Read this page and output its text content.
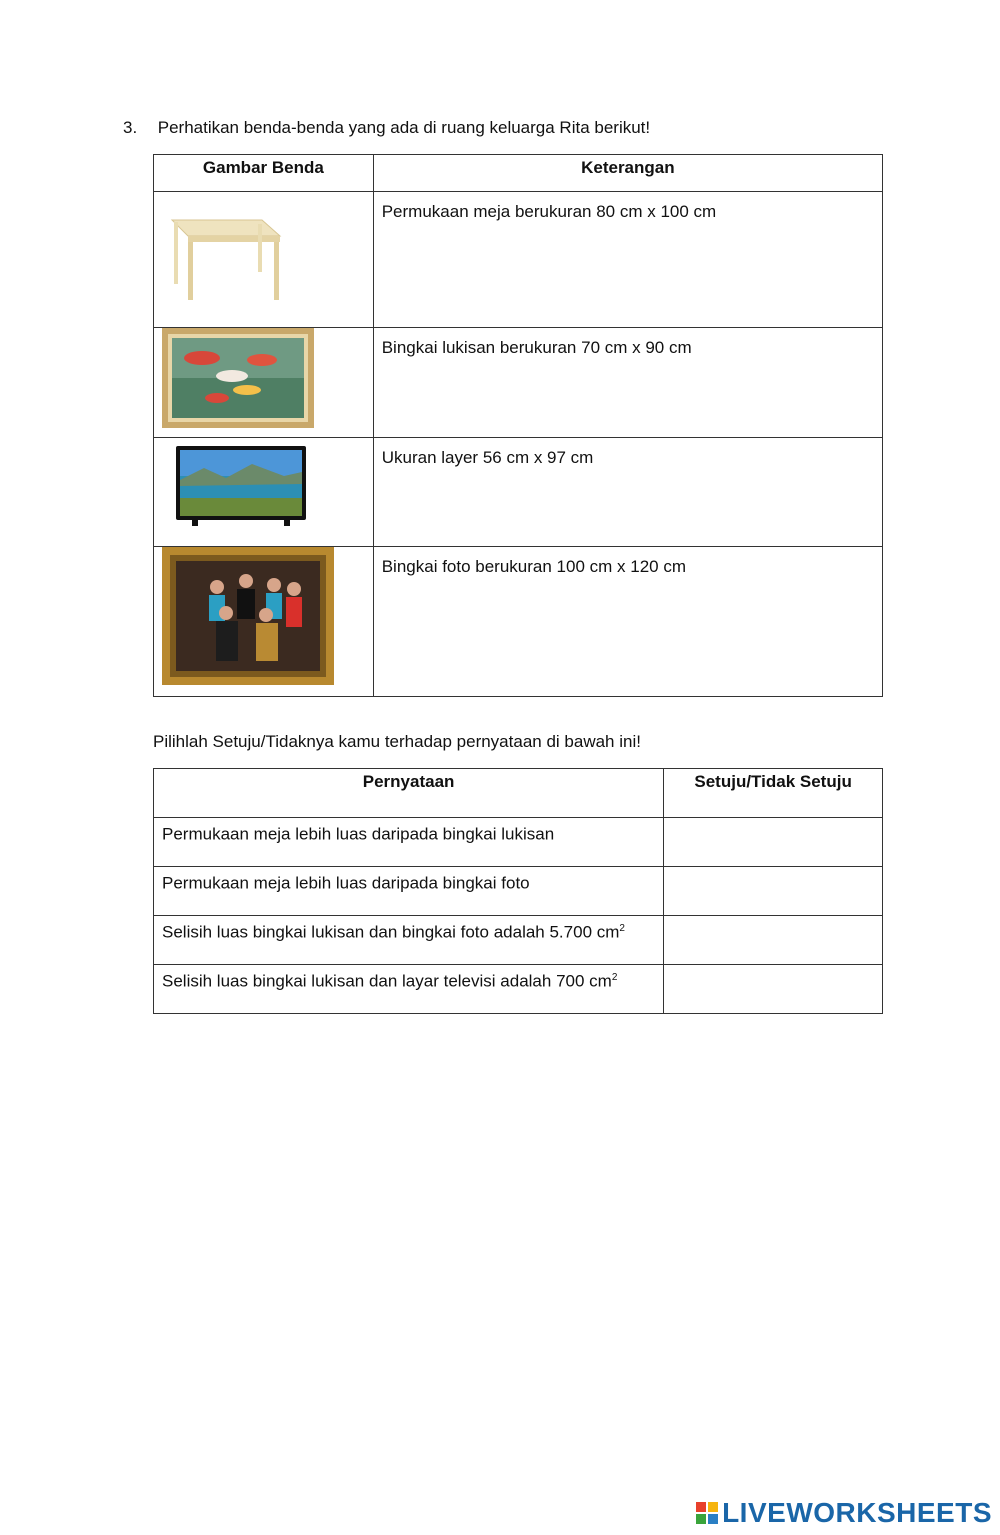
3. Perhatikan benda-benda yang ada di ruang keluarga Rita berikut!
Gambar Benda	Keterangan

	Permukaan meja berukuran 80 cm x 100 cm

	Bingkai lukisan berukuran 70 cm x 90 cm

	Ukuran layer 56 cm x 97 cm

	Bingkai foto berukuran 100 cm x 120 cm
Pilihlah Setuju/Tidaknya kamu terhadap pernyataan di bawah ini!
Pernyataan	Setuju/Tidak Setuju
Permukaan meja lebih luas daripada bingkai lukisan	
Permukaan meja lebih luas daripada bingkai foto	
Selisih luas bingkai lukisan dan bingkai foto adalah 5.700 $cm^2$	
Selisih luas bingkai lukisan dan layar televisi adalah 700 $cm^2$	
LIVEWORKSHEETS
